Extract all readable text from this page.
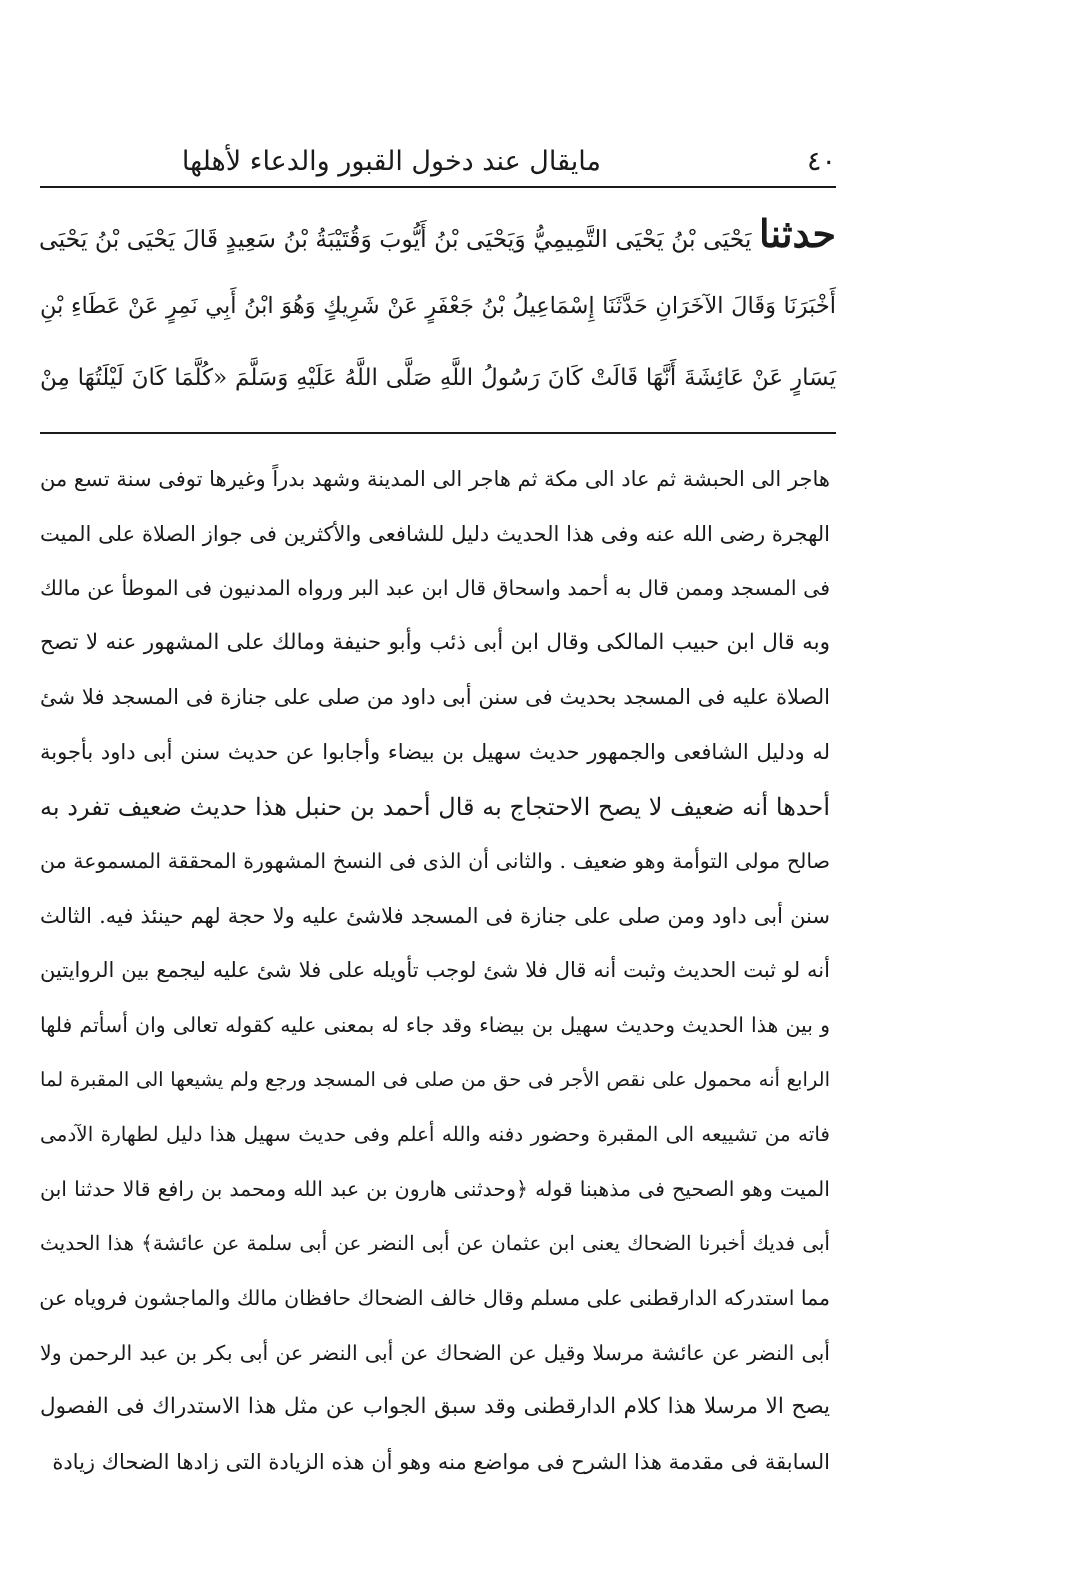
٤٠
مايقال عند دخول القبور والدعاء لأهلها
حدثنا يَحْيَى بْنُ يَحْيَى التَّمِيمِيُّ وَيَحْيَى بْنُ أَيُّوبَ وَقُتَيْبَةُ بْنُ سَعِيدٍ قَالَ يَحْيَى بْنُ يَحْيَى
أَخْبَرَنَا وَقَالَ الآخَرَانِ حَدَّثَنَا إِسْمَاعِيلُ بْنُ جَعْفَرٍ عَنْ شَرِيكٍ وَهُوَ ابْنُ أَبِي نَمِرٍ عَنْ عَطَاءِ بْنِ
يَسَارٍ عَنْ عَائِشَةَ أَنَّهَا قَالَتْ كَانَ رَسُولُ اللَّهِ صَلَّى اللَّهُ عَلَيْهِ وَسَلَّمَ «كُلَّمَا كَانَ لَيْلَتُهَا مِنْ
هاجر الى الحبشة ثم عاد الى مكة ثم هاجر الى المدينة وشهد بدراً وغيرها توفى سنة تسع من
الهجرة رضى الله عنه وفى هذا الحديث دليل للشافعى والأكثرين فى جواز الصلاة على الميت
فى المسجد وممن قال به أحمد واسحاق قال ابن عبد البر ورواه المدنيون فى الموطأ عن مالك
وبه قال ابن حبيب المالكى وقال ابن أبى ذئب وأبو حنيفة ومالك على المشهور عنه لا تصح
الصلاة عليه فى المسجد بحديث فى سنن أبى داود من صلى على جنازة فى المسجد فلا شئ
له ودليل الشافعى والجمهور حديث سهيل بن بيضاء وأجابوا عن حديث سنن أبى داود بأجوبة
أحدها أنه ضعيف لا يصح الاحتجاج به قال أحمد بن حنبل هذا حديث ضعيف تفرد به
صالح مولى التوأمة وهو ضعيف . والثانى أن الذى فى النسخ المشهورة المحققة المسموعة من
سنن أبى داود ومن صلى على جنازة فى المسجد فلاشئ عليه ولا حجة لهم حينئذ فيه. الثالث
أنه لو ثبت الحديث وثبت أنه قال فلا شئ لوجب تأويله على فلا شئ عليه ليجمع بين الروايتين
و بين هذا الحديث وحديث سهيل بن بيضاء وقد جاء له بمعنى عليه كقوله تعالى وان أسأتم فلها
الرابع أنه محمول على نقص الأجر فى حق من صلى فى المسجد ورجع ولم يشيعها الى المقبرة لما
فاته من تشييعه الى المقبرة وحضور دفنه والله أعلم وفى حديث سهيل هذا دليل لطهارة الآدمى
الميت وهو الصحيح فى مذهبنا قوله ﴿وحدثنى هارون بن عبد الله ومحمد بن رافع قالا حدثنا ابن
أبى فديك أخبرنا الضحاك يعنى ابن عثمان عن أبى النضر عن أبى سلمة عن عائشة﴾ هذا الحديث
مما استدركه الدارقطنى على مسلم وقال خالف الضحاك حافظان مالك والماجشون فروياه عن
أبى النضر عن عائشة مرسلا وقيل عن الضحاك عن أبى النضر عن أبى بكر بن عبد الرحمن ولا
يصح الا مرسلا هذا كلام الدارقطنى وقد سبق الجواب عن مثل هذا الاستدراك فى الفصول
السابقة فى مقدمة هذا الشرح فى مواضع منه وهو أن هذه الزيادة التى زادها الضحاك زيادة
